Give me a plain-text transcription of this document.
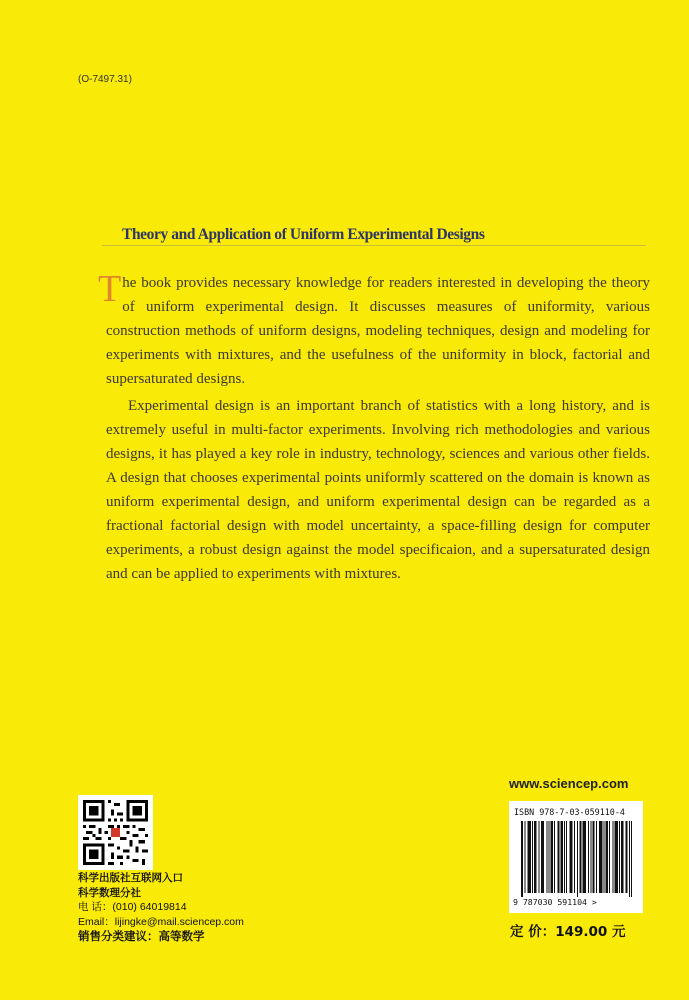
(O-7497.31)
Theory and Application of Uniform Experimental Designs

The book provides necessary knowledge for readers interested in developing the theory of uniform experimental design. It discusses measures of uniformity, various construction methods of uniform designs, modeling techniques, design and modeling for experiments with mixtures, and the usefulness of the uniformity in block, factorial and supersaturated designs.

Experimental design is an important branch of statistics with a long history, and is extremely useful in multi-factor experiments. Involving rich methodologies and various designs, it has played a key role in industry, technology, sciences and various other fields. A design that chooses experimental points uniformly scattered on the domain is known as uniform experimental design, and uniform experimental design can be regarded as a fractional factorial design with model uncertainty, a space-filling design for computer experiments, a robust design against the model specificaion, and a supersaturated design and can be applied to experiments with mixtures.

科学出版社互联网入口
科学数理分社
电 话：(010) 64019814
Email：lijingke@mail.sciencep.com
销售分类建议：高等数学
www.sciencep.com
ISBN 978-7-03-059110-4
9 787030 591104 >
定 价：149.00 元
